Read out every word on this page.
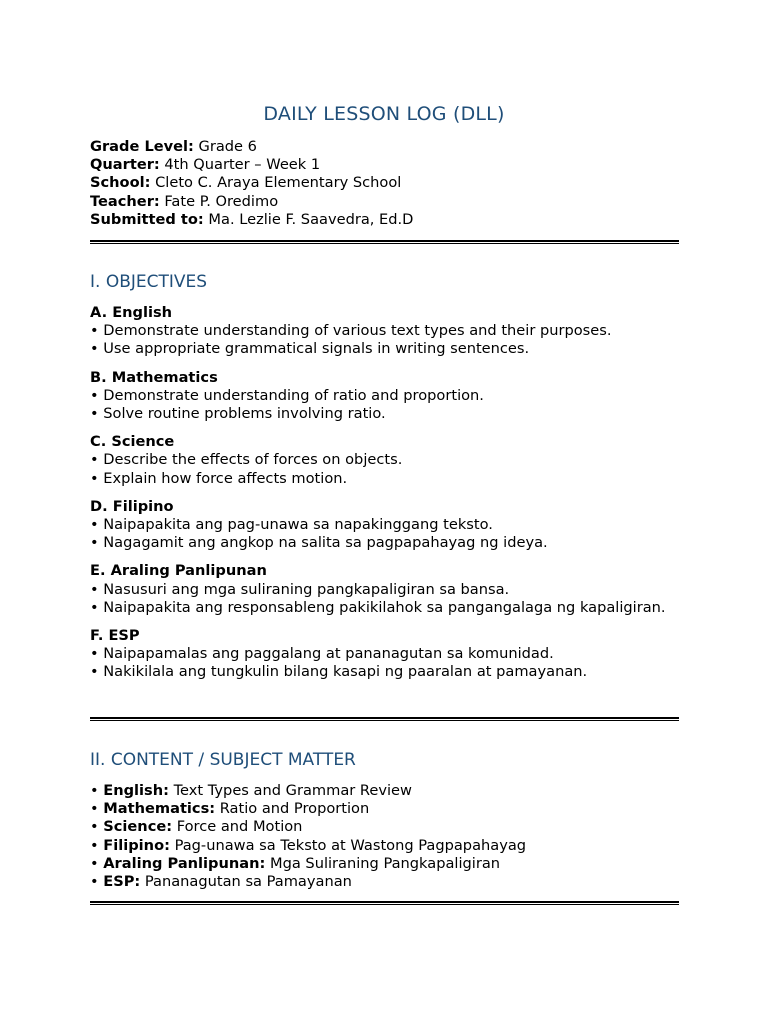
DAILY LESSON LOG (DLL)
Grade Level: Grade 6
Quarter: 4th Quarter – Week 1
School: Cleto C. Araya Elementary School
Teacher: Fate P. Oredimo
Submitted to: Ma. Lezlie F. Saavedra, Ed.D
I. OBJECTIVES
A. English
• Demonstrate understanding of various text types and their purposes.
• Use appropriate grammatical signals in writing sentences.
B. Mathematics
• Demonstrate understanding of ratio and proportion.
• Solve routine problems involving ratio.
C. Science
• Describe the effects of forces on objects.
• Explain how force affects motion.
D. Filipino
• Naipapakita ang pag-unawa sa napakinggang teksto.
• Nagagamit ang angkop na salita sa pagpapahayag ng ideya.
E. Araling Panlipunan
• Nasusuri ang mga suliraning pangkapaligiran sa bansa.
• Naipapakita ang responsableng pakikilahok sa pangangalaga ng kapaligiran.
F. ESP
• Naipapamalas ang paggalang at pananagutan sa komunidad.
• Nakikilala ang tungkulin bilang kasapi ng paaralan at pamayanan.
II. CONTENT / SUBJECT MATTER
• English: Text Types and Grammar Review
• Mathematics: Ratio and Proportion
• Science: Force and Motion
• Filipino: Pag-unawa sa Teksto at Wastong Pagpapahayag
• Araling Panlipunan: Mga Suliraning Pangkapaligiran
• ESP: Pananagutan sa Pamayanan
